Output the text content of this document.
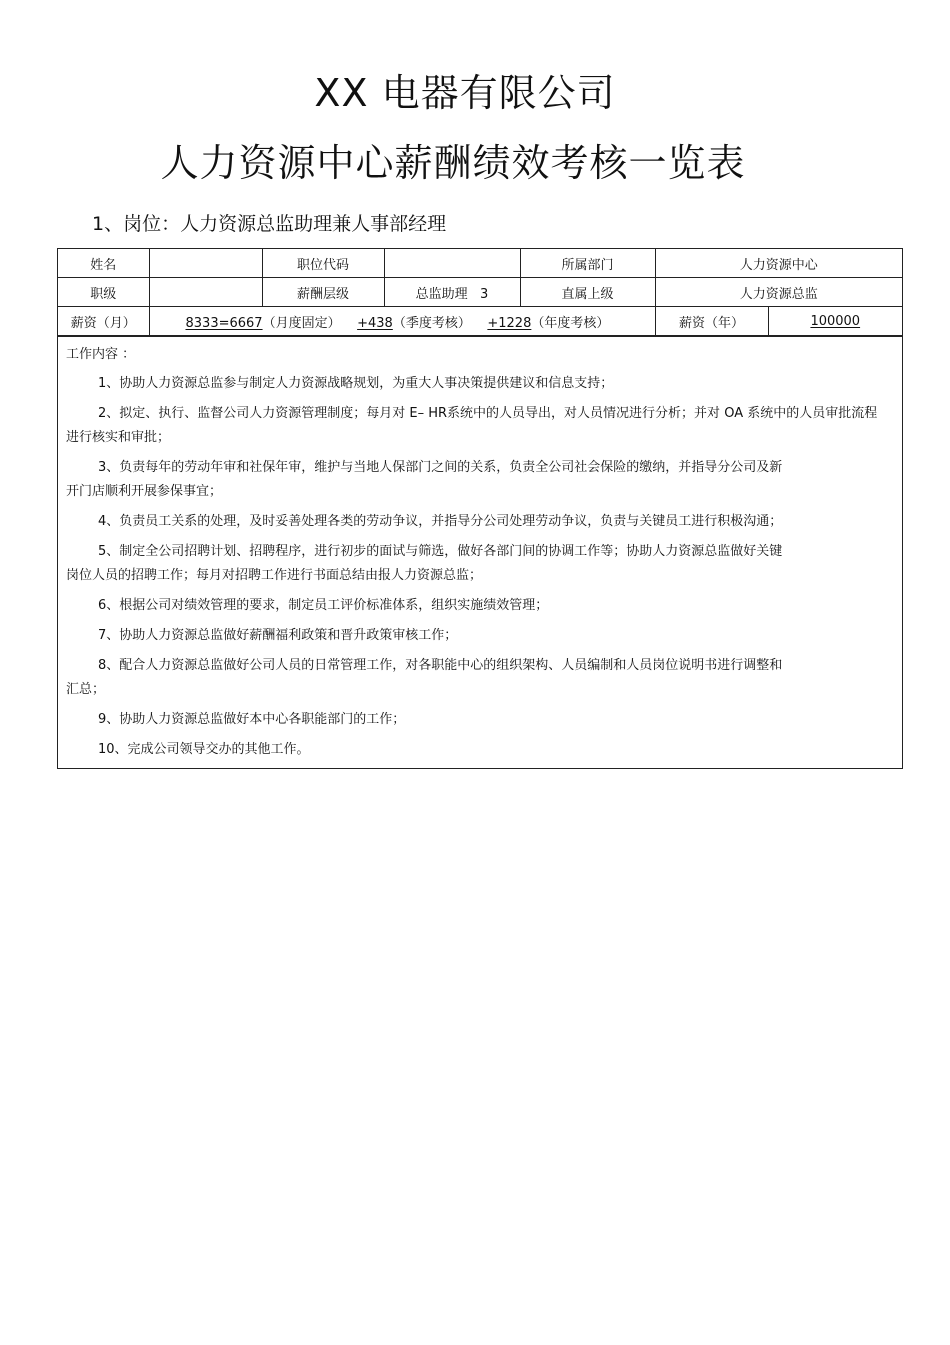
XX 电器有限公司
人力资源中心薪酬绩效考核一览表
1、岗位：人力资源总监助理兼人事部经理
姓名		职位代码		所属部门	人力资源中心	
职级		薪酬层级	总监助理   3	直属上级	人力资源总监	
薪资（月）	8333=6667（月度固定） +438（季度考核） +1228（年度考核）				薪资（年）	100000
工作内容 ：

1、协助人力资源总监参与制定人力资源战略规划，为重大人事决策提供建议和信息支持；

2、拟定、执行、监督公司人力资源管理制度；每月对 E– HR系统中的人员导出，对人员情况进行分析；并对 OA 系统中的人员审批流程进行核实和审批；

3、负责每年的劳动年审和社保年审，维护与当地人保部门之间的关系，负责全公司社会保险的缴纳，并指导分公司及新开门店顺利开展参保事宜；

4、负责员工关系的处理，及时妥善处理各类的劳动争议，并指导分公司处理劳动争议，负责与关键员工进行积极沟通；

5、制定全公司招聘计划、招聘程序，进行初步的面试与筛选，做好各部门间的协调工作等；协助人力资源总监做好关键岗位人员的招聘工作；每月对招聘工作进行书面总结由报人力资源总监；

6、根据公司对绩效管理的要求，制定员工评价标准体系，组织实施绩效管理；

7、协助人力资源总监做好薪酬福利政策和晋升政策审核工作；

8、配合人力资源总监做好公司人员的日常管理工作，对各职能中心的组织架构、人员编制和人员岗位说明书进行调整和汇总；

9、协助人力资源总监做好本中心各职能部门的工作；

10、完成公司领导交办的其他工作。
